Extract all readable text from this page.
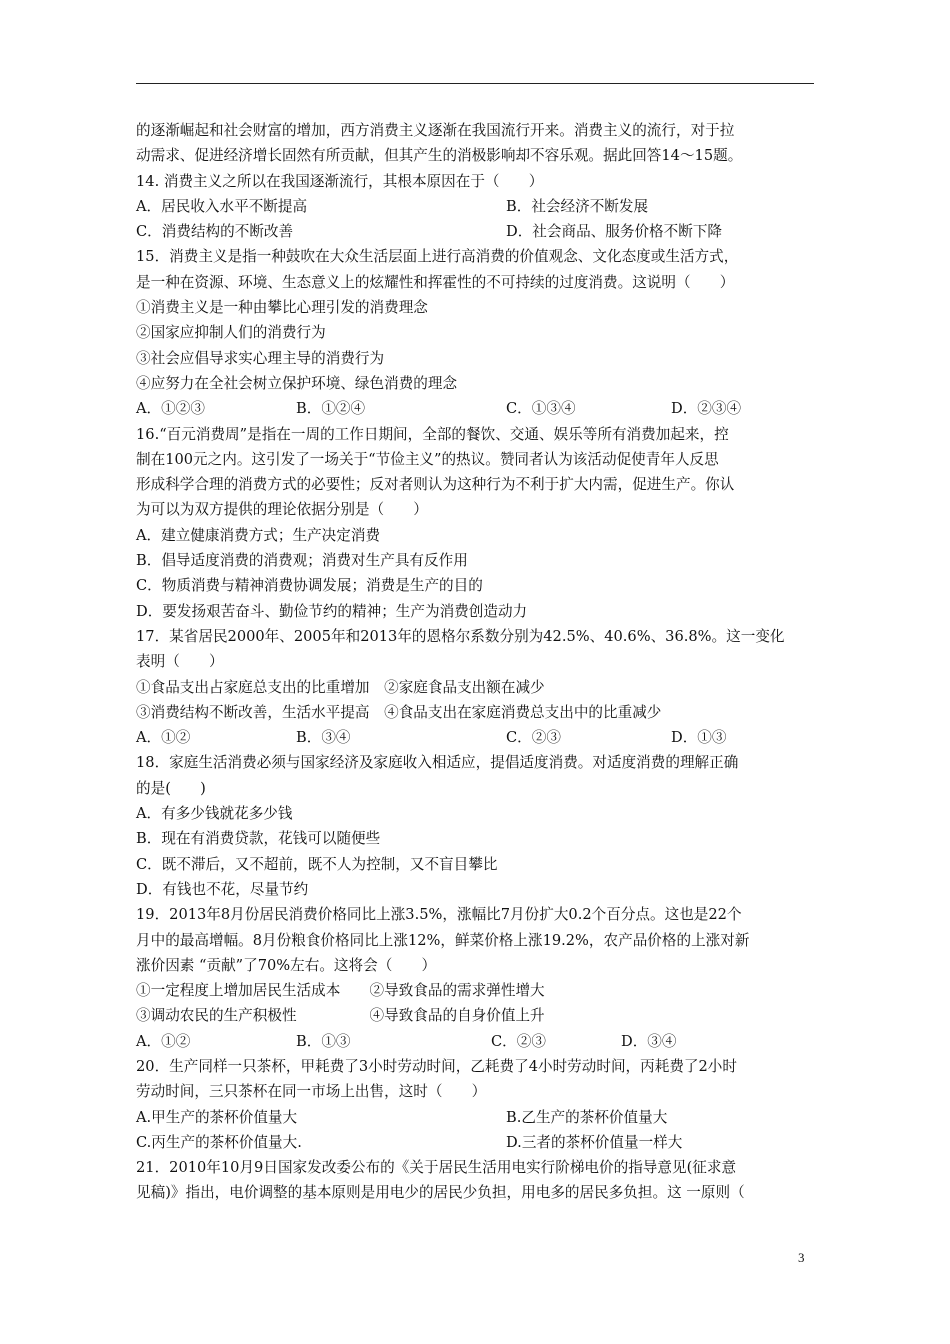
的逐渐崛起和社会财富的增加，西方消费主义逐渐在我国流行开来。消费主义的流行，对于拉
动需求、促进经济增长固然有所贡献，但其产生的消极影响却不容乐观。据此回答14～15题。
14. 消费主义之所以在我国逐渐流行，其根本原因在于（　　）
A．居民收入水平不断提高	B．社会经济不断发展
C．消费结构的不断改善	D．社会商品、服务价格不断下降
15．消费主义是指一种鼓吹在大众生活层面上进行高消费的价值观念、文化态度或生活方式，
是一种在资源、环境、生态意义上的炫耀性和挥霍性的不可持续的过度消费。这说明（　　）
①消费主义是一种由攀比心理引发的消费理念
②国家应抑制人们的消费行为
③社会应倡导求实心理主导的消费行为
④应努力在全社会树立保护环境、绿色消费的理念
A．①②③	B．①②④	C．①③④	D．②③④
16.“百元消费周”是指在一周的工作日期间，全部的餐饮、交通、娱乐等所有消费加起来，控
制在100元之内。这引发了一场关于“节俭主义”的热议。赞同者认为该活动促使青年人反思
形成科学合理的消费方式的必要性；反对者则认为这种行为不利于扩大内需，促进生产。你认
为可以为双方提供的理论依据分别是（　　）
A．建立健康消费方式；生产决定消费
B．倡导适度消费的消费观；消费对生产具有反作用
C．物质消费与精神消费协调发展；消费是生产的目的
D．要发扬艰苦奋斗、勤俭节约的精神；生产为消费创造动力
17．某省居民2000年、2005年和2013年的恩格尔系数分别为42.5%、40.6%、36.8%。这一变化
表明（　　）
①食品支出占家庭总支出的比重增加　②家庭食品支出额在减少
③消费结构不断改善，生活水平提高　④食品支出在家庭消费总支出中的比重减少
A．①②	B．③④	C．②③	D．①③
18．家庭生活消费必须与国家经济及家庭收入相适应，提倡适度消费。对适度消费的理解正确
的是(　　)
A．有多少钱就花多少钱
B．现在有消费贷款，花钱可以随便些
C．既不滞后，又不超前，既不人为控制，又不盲目攀比
D．有钱也不花，尽量节约
19．2013年8月份居民消费价格同比上涨3.5%，涨幅比7月份扩大0.2个百分点。这也是22个
月中的最高增幅。8月份粮食价格同比上涨12%，鲜菜价格上涨19.2%，农产品价格的上涨对新
涨价因素 “贡献”了70%左右。这将会（　　）
①一定程度上增加居民生活成本　　②导致食品的需求弹性增大
③调动农民的生产积极性　　　　　④导致食品的自身价值上升
A．①②	B．①③	C．②③	D．③④
20．生产同样一只茶杯，甲耗费了3小时劳动时间，乙耗费了4小时劳动时间，丙耗费了2小时
劳动时间，三只茶杯在同一市场上出售，这时（　　）
A.甲生产的茶杯价值量大	B.乙生产的茶杯价值量大
C.丙生产的茶杯价值量大.	D.三者的茶杯价值量一样大
21．2010年10月9日国家发改委公布的《关于居民生活用电实行阶梯电价的指导意见(征求意
见稿)》指出，电价调整的基本原则是用电少的居民少负担，用电多的居民多负担。这 一原则（
3
